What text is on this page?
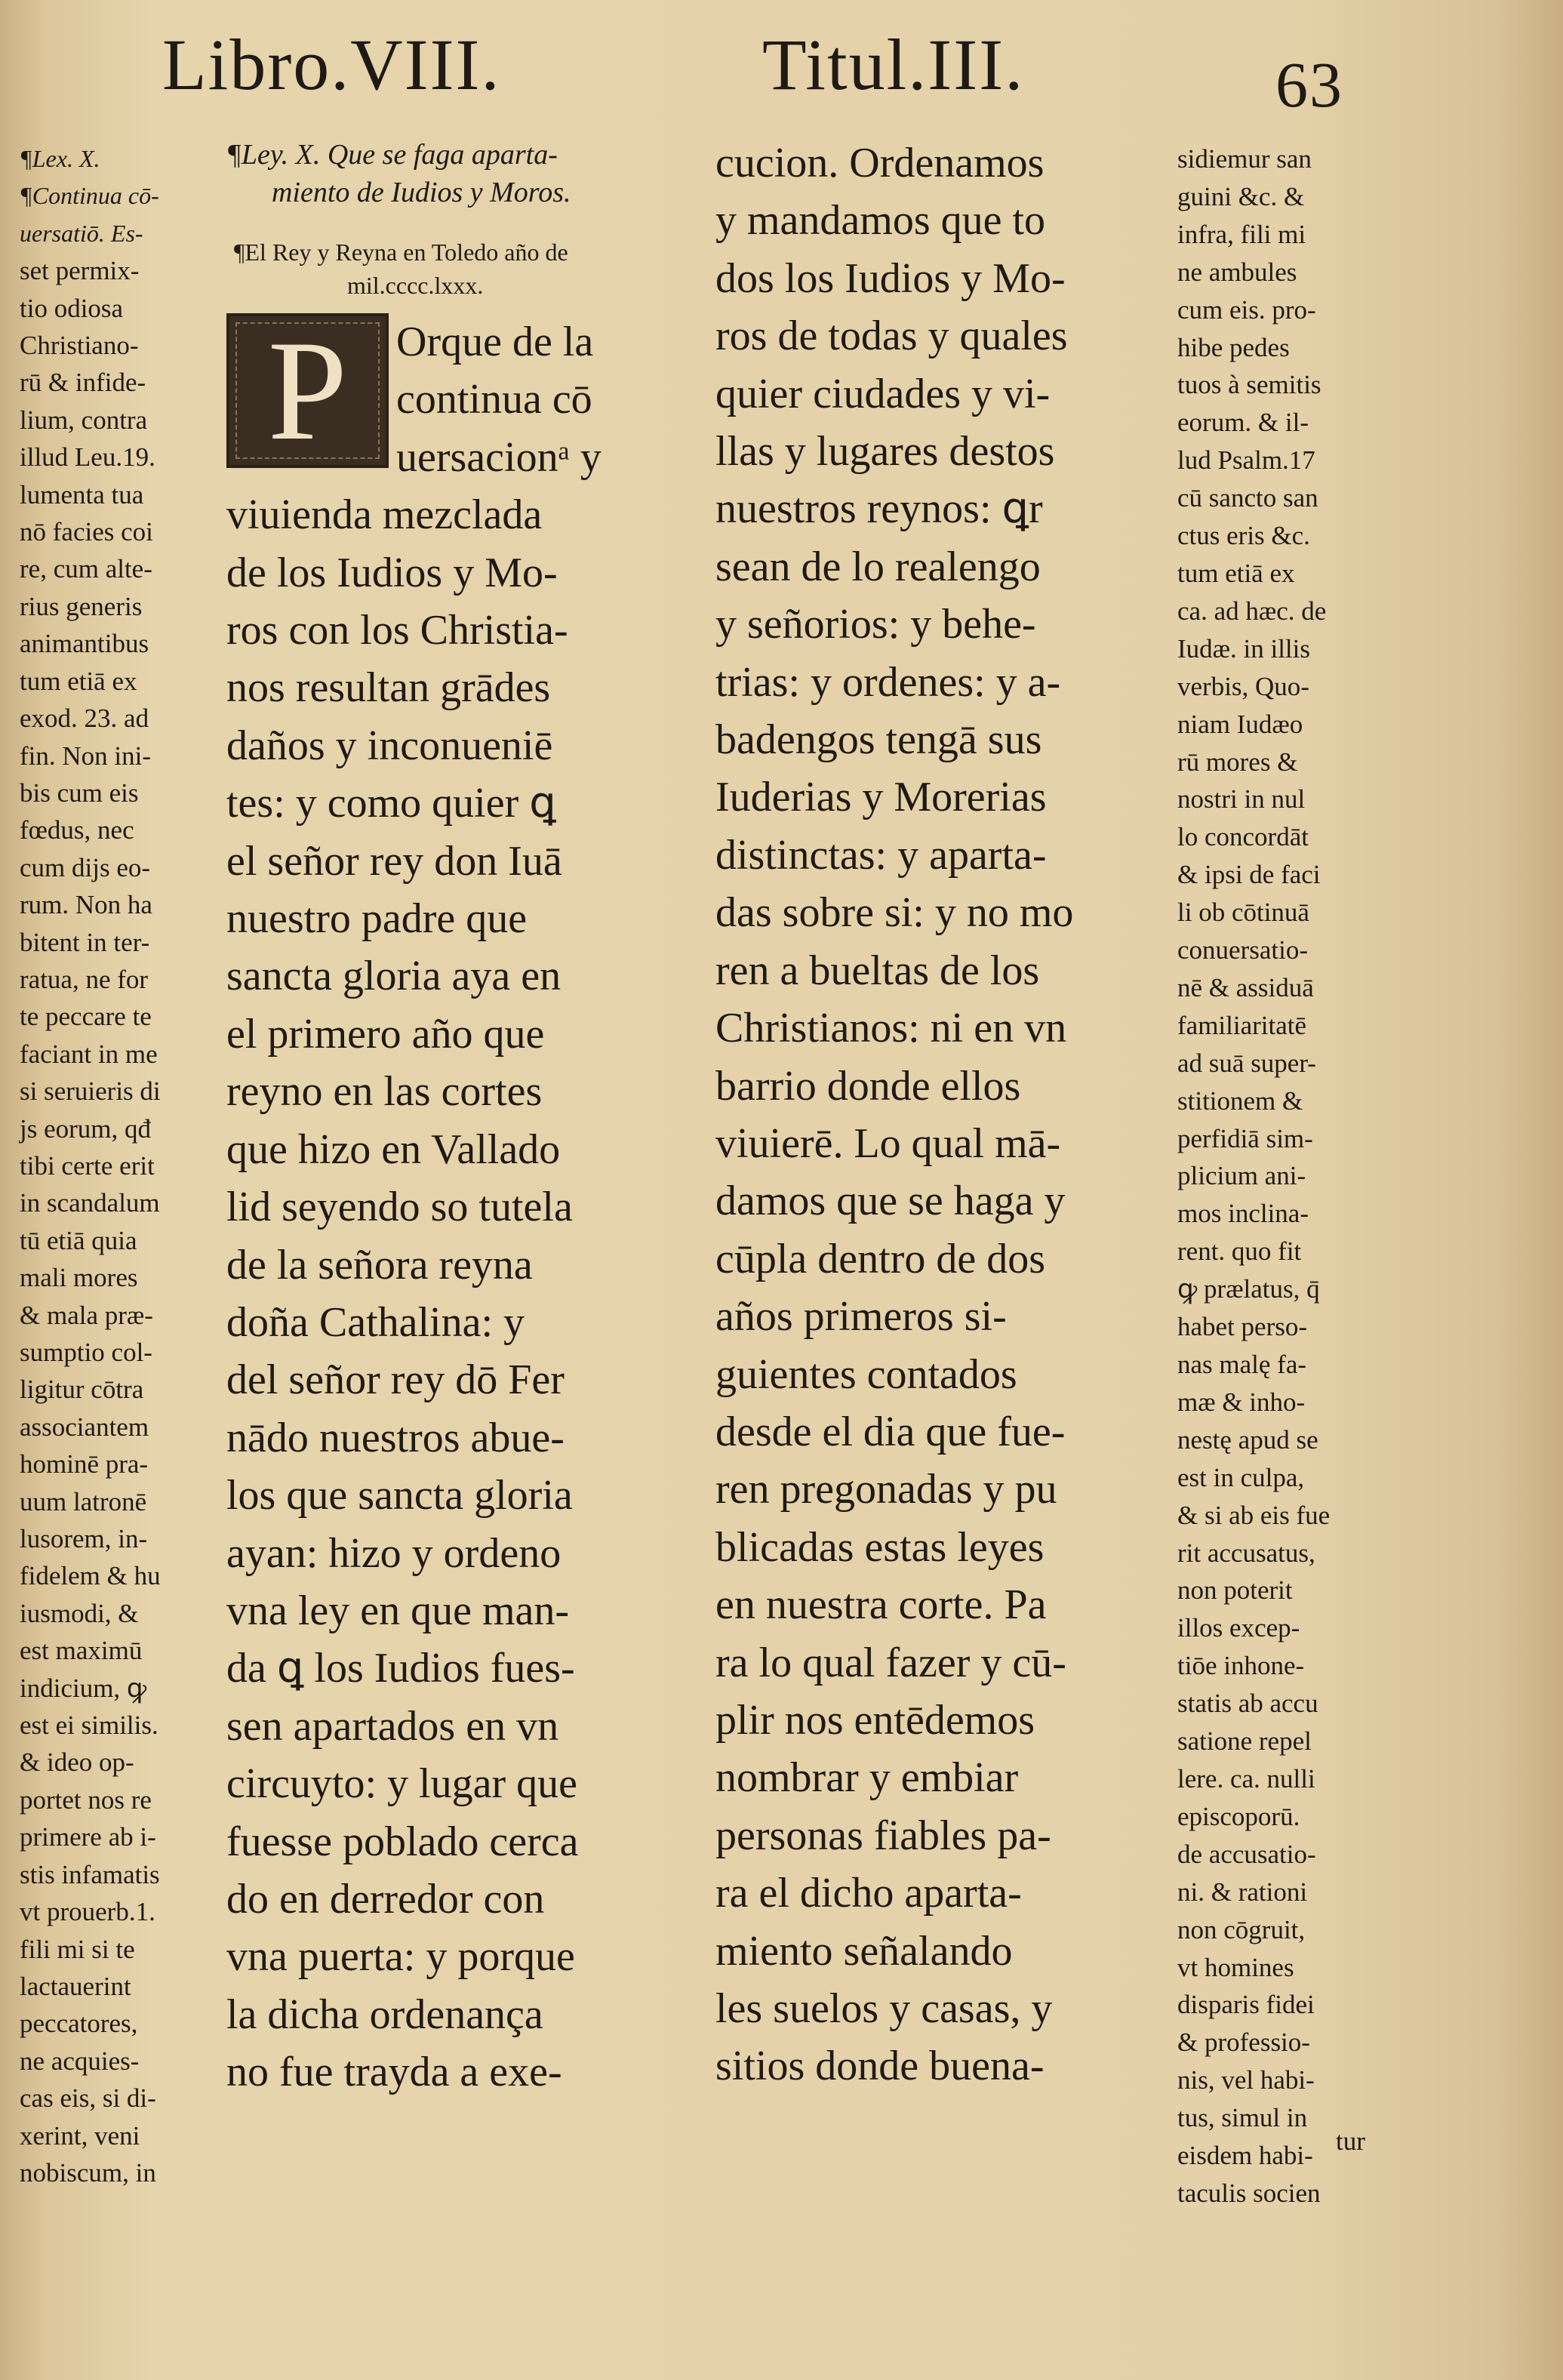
Libro.VIII.	Titul.III.	63
¶Lex. X.
¶Continua cō-
uersatiō. Es-
set permix-
tio odiosa
Christiano-
rū & infide-
lium, contra
illud Leu.19.
lumenta tua
nō facies coi
re, cum alte-
rius generis
animantibus
tum etiā ex
exod. 23. ad
fin. Non ini-
bis cum eis
fœdus, nec
cum dijs eo-
rum. Non ha
bitent in ter-
ratua, ne for
te peccare te
faciant in me
si seruieris di
js eorum, qđ
tibi certe erit
in scandalum
tū etiā quia
mali mores
& mala præ-
sumptio col-
ligitur cōtra
associantem
hominē pra-
uum latronē
lusorem, in-
fidelem & hu
iusmodi, &
est maximū
indicium, ꝙ
est ei similis.
& ideo op-
portet nos re
primere ab i-
stis infamatis
vt prouerb.1.
fili mi si te
lactauerint
peccatores,
ne acquies-
cas eis, si di-
xerint, veni
nobiscum, in
¶Ley. X. Que se faga aparta-
miento de Iudios y Moros.
¶El Rey y Reyna en Toledo año de
mil.cccc.lxxx.
P	Orque de la
continua cō
uersacionᵃ y
viuienda mezclada
de los Iudios y Mo-
ros con los Christia-
nos resultan grādes
daños y inconueniē
tes: y como quier ꝗ
el señor rey don Iuā
nuestro padre que
sancta gloria aya en
el primero año que
reyno en las cortes
que hizo en Vallado
lid seyendo so tutela
de la señora reyna
doña Cathalina: y
del señor rey dō Fer
nādo nuestros abue-
los que sancta gloria
ayan: hizo y ordeno
vna ley en que man-
da ꝗ los Iudios fues-
sen apartados en vn
circuyto: y lugar que
fuesse poblado cerca
do en derredor con
vna puerta: y porque
la dicha ordenança
no fue trayda a exe-
cucion. Ordenamos
y mandamos que to
dos los Iudios y Mo-
ros de todas y quales
quier ciudades y vi-
llas y lugares destos
nuestros reynos: ꝗr
sean de lo realengo
y señorios: y behe-
trias: y ordenes: y a-
badengos tengā sus
Iuderias y Morerias
distinctas: y aparta-
das sobre si: y no mo
ren a bueltas de los
Christianos: ni en vn
barrio donde ellos
viuierē. Lo qual mā-
damos que se haga y
cūpla dentro de dos
años primeros si-
guientes contados
desde el dia que fue-
ren pregonadas y pu
blicadas estas leyes
en nuestra corte. Pa
ra lo qual fazer y cū-
plir nos entēdemos
nombrar y embiar
personas fiables pa-
ra el dicho aparta-
miento señalando
les suelos y casas, y
sitios donde buena-
sidiemur san
guini &c. &
infra, fili mi
ne ambules
cum eis. pro-
hibe pedes
tuos à semitis
eorum. & il-
lud Psalm.17
cū sancto san
ctus eris &c.
tum etiā ex
ca. ad hæc. de
Iudæ. in illis
verbis, Quo-
niam Iudæo
rū mores &
nostri in nul
lo concordāt
& ipsi de faci
li ob cōtinuā
conuersatio-
nē & assiduā
familiaritatē
ad suā super-
stitionem &
perfidiā sim-
plicium ani-
mos inclina-
rent. quo fit
ꝙ prælatus, q̄
habet perso-
nas malę fa-
mæ & inho-
nestę apud se
est in culpa,
& si ab eis fue
rit accusatus,
non poterit
illos excep-
tiōe inhone-
statis ab accu
satione repel
lere. ca. nulli
episcoporū.
de accusatio-
ni. & rationi
non cōgruit,
vt homines
disparis fidei
& professio-
nis, vel habi-
tus, simul in
eisdem habi-
taculis socien
tur
